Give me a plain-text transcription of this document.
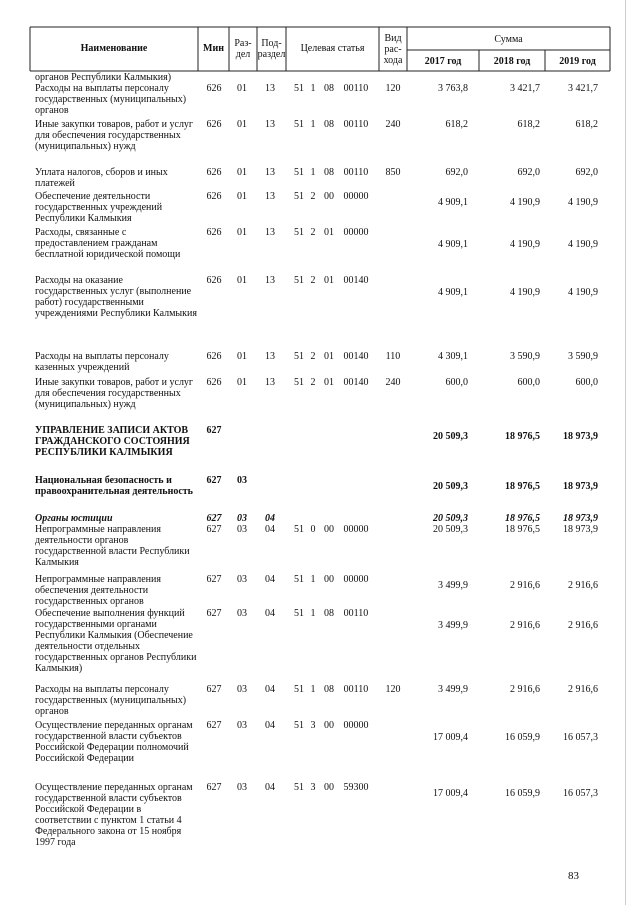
Наименование	Мин	Раз-
дел
Под-
раздел
Целевая статья
Вид
рас-
хода
Сумма
2017 год	2018 год	2019 год
органов Республики Калмыкия)
Расходы на выплаты персоналу государственных (муниципальных) органов
626	01	13	51 1 08 00110	120	3 763,8	3 421,7	3 421,7
Иные закупки товаров, работ и услуг для обеспечения государственных (муниципальных) нужд
626	01	13	51 1 08 00110	240	618,2	618,2	618,2
Уплата налогов, сборов и иных платежей
626	01	13	51 1 08 00110	850	692,0	692,0	692,0
Обеспечение деятельности государственных учреждений Республики Калмыкия
626	01	13	51 2 00 00000
4 909,1	4 190,9	4 190,9
Расходы, связанные с предоставлением гражданам бесплатной юридической помощи
626	01	13	51 2 01 00000
4 909,1	4 190,9	4 190,9
Расходы на оказание государственных услуг (выполнение работ) государственными учреждениями Республики Калмыкия
626	01	13	51 2 01 00140
4 909,1	4 190,9	4 190,9
Расходы на выплаты персоналу казенных учреждений
626	01	13	51 2 01 00140	110	4 309,1	3 590,9	3 590,9
Иные закупки товаров, работ и услуг для обеспечения государственных (муниципальных) нужд
626	01	13	51 2 01 00140	240	600,0	600,0	600,0
УПРАВЛЕНИЕ ЗАПИСИ АКТОВ ГРАЖДАНСКОГО СОСТОЯНИЯ РЕСПУБЛИКИ КАЛМЫКИЯ
627
20 509,3	18 976,5	18 973,9
Национальная безопасность и правоохранительная деятельность
627	03
20 509,3	18 976,5	18 973,9
Органы юстиции	627	03	04	20 509,3	18 976,5	18 973,9
Непрограммные направления деятельности органов государственной власти Республики Калмыкия
627	03	04	51 0 00 00000	20 509,3	18 976,5	18 973,9
Непрограммные направления обеспечения деятельности государственных органов
627	03	04	51 1 00 00000
3 499,9	2 916,6	2 916,6
Обеспечение выполнения функций государственными органами Республики Калмыкия (Обеспечение деятельности отдельных государственных органов Республики Калмыкия)
627	03	04	51 1 08 00110
3 499,9	2 916,6	2 916,6
Расходы на выплаты персоналу государственных (муниципальных) органов
627	03	04	51 1 08 00110	120	3 499,9	2 916,6	2 916,6
Осуществление переданных органам государственной власти субъектов Российской Федерации полномочий Российской Федерации
627	03	04	51 3 00 00000
17 009,4	16 059,9	16 057,3
Осуществление переданных органам государственной власти субъектов Российской Федерации в соответствии с пунктом 1 статьи 4 Федерального закона от 15 ноября 1997 года
627	03	04	51 3 00 59300
17 009,4	16 059,9	16 057,3
83
